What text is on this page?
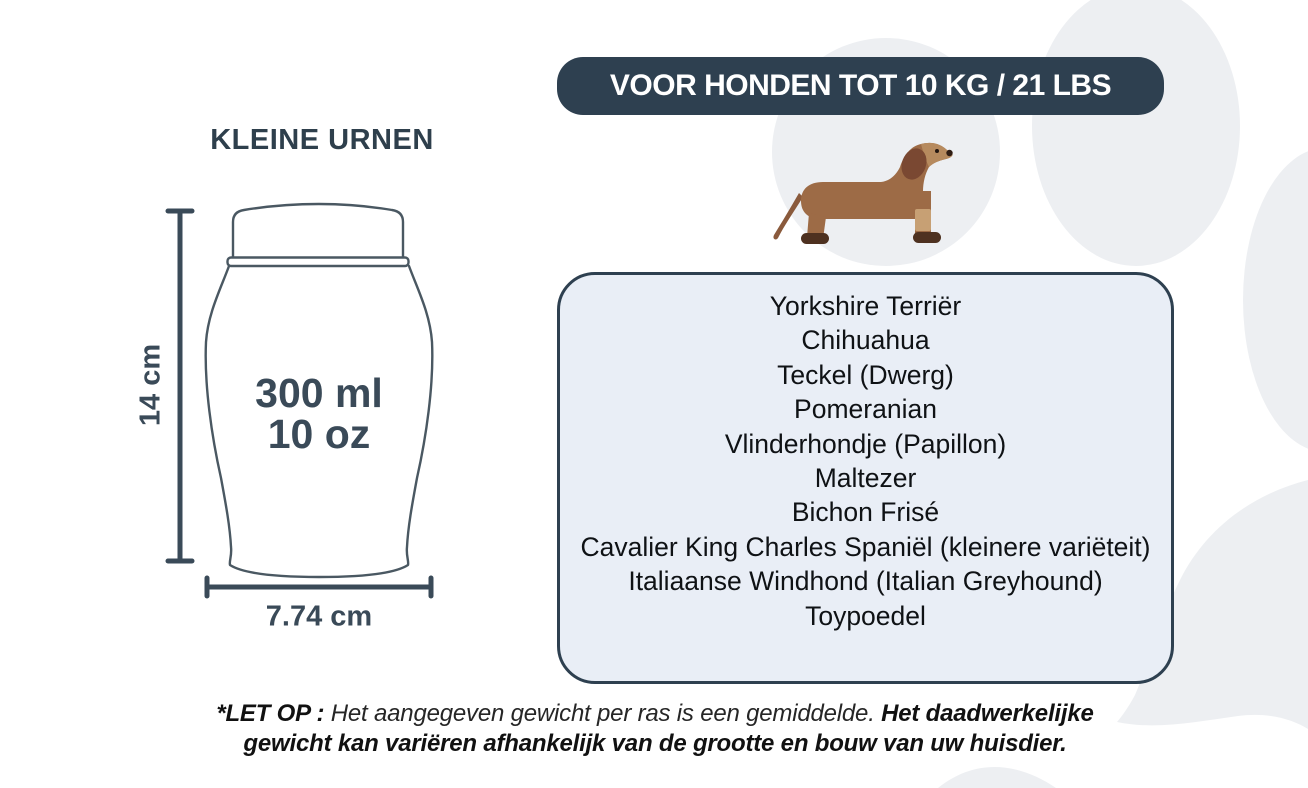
KLEINE URNEN
300 ml
10 oz
14 cm
7.74 cm
VOOR HONDEN TOT 10 KG / 21 LBS
Yorkshire Terriër
Chihuahua
Teckel (Dwerg)
Pomeranian
Vlinderhondje (Papillon)
Maltezer
Bichon Frisé
Cavalier King Charles Spaniël (kleinere variëteit)
Italiaanse Windhond (Italian Greyhound)
Toypoedel
*LET OP : Het aangegeven gewicht per ras is een gemiddelde. Het daadwerkelijke
gewicht kan variëren afhankelijk van de grootte en bouw van uw huisdier.
